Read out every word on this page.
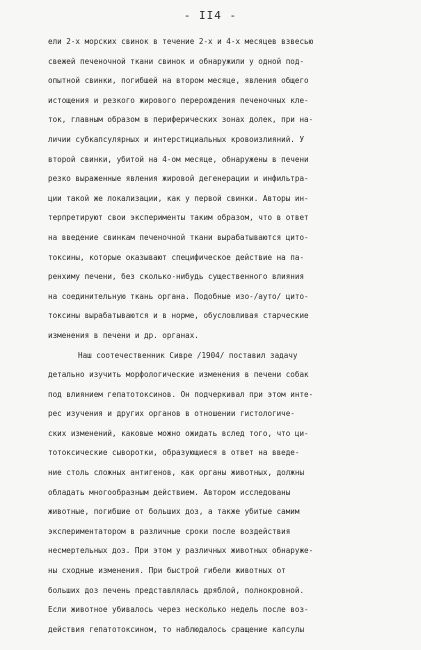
- II4 -
ели 2-х морских свинок в течение 2-х и 4-х месяцев взвесью
свежей печеночной ткани свинок и обнаружили у одной под-
опытной свинки, погибшей на втором месяце, явления общего
истощения и резкого жирового перерождения печеночных кле-
ток, главным образом в периферических зонах долек, при на-
личии субкапсулярных и интерстициальных кровоизлияний. У
второй свинки, убитой на 4-ом месяце, обнаружены в печени
резко выраженные явления жировой дегенерации и инфильтра-
ции такой же локализации, как у первой свинки. Авторы ин-
терпретируют свои эксперименты таким образом, что в ответ
на введение свинкам печеночной ткани вырабатываются цито-
токсины, которые оказывают специфическое действие на па-
ренхиму печени, без сколько-нибудь существенного влияния
на соединительную ткань органа. Подобные изо-/ауто/ цито-
токсины вырабатываются и в норме, обусловливая старческие
изменения в печени и др. органах.
Наш соотечественник Сивре /1904/ поставил задачу
детально изучить морфологические изменения в печени собак
под влиянием гепатотоксинов. Он подчеркивал при этом инте-
рес изучения и других органов в отношении гистологиче-
ских изменений, каковые можно ожидать вслед того, что ци-
тотоксические сыворотки, образующиеся в ответ на введе-
ние столь сложных антигенов, как органы животных, должны
обладать многообразным действием. Автором исследованы
животные, погибшие от больших доз, а также убитые самим
экспериментатором в различные сроки после воздействия
несмертельных доз. При этом у различных животных обнаруже-
ны сходные изменения. При быстрой гибели животных от
больших доз печень представлялась дряблой, полнокровной.
Если животное убивалось через несколько недель после воз-
действия гепатотоксином, то наблюдалось сращение капсулы
